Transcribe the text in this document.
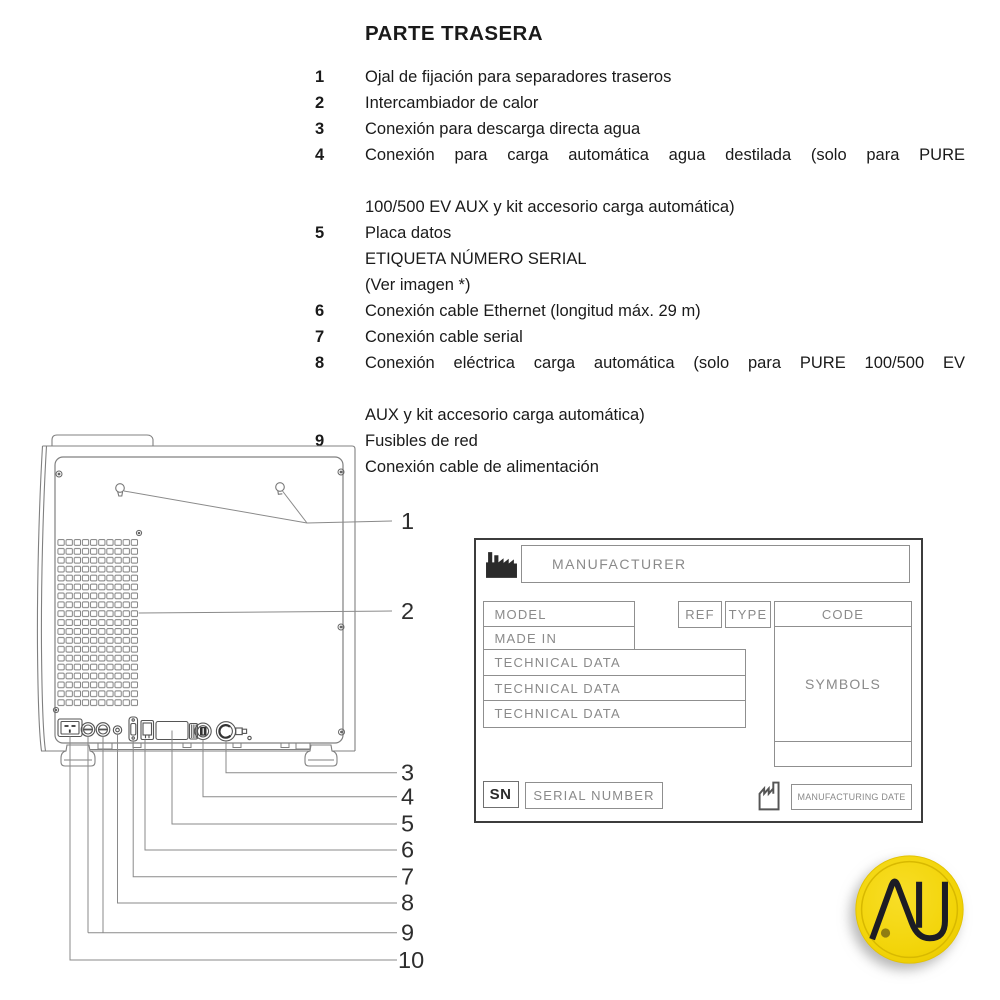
PARTE TRASERA
1	Ojal de fijación para separadores traseros
2	Intercambiador de calor
3	Conexión para descarga directa agua
4	Conexión para carga automática agua destilada (solo para PURE
100/500 EV AUX y kit accesorio carga automática)
5	Placa datos
ETIQUETA NÚMERO SERIAL
(Ver imagen *)
6	Conexión cable Ethernet (longitud máx. 29 m)
7	Conexión cable serial
8	Conexión eléctrica carga automática (solo para PURE 100/500 EV
AUX y kit accesorio carga automática)
9	Fusibles de red
Conexión cable de alimentación
1
2
3
4
5
6
7
8
9
10
MANUFACTURER
MODEL	REF TYPE	CODE
MADE IN
TECHNICAL DATA
TECHNICAL DATA
TECHNICAL DATA
SYMBOLS
SN SERIAL NUMBER	MANUFACTURING DATE
